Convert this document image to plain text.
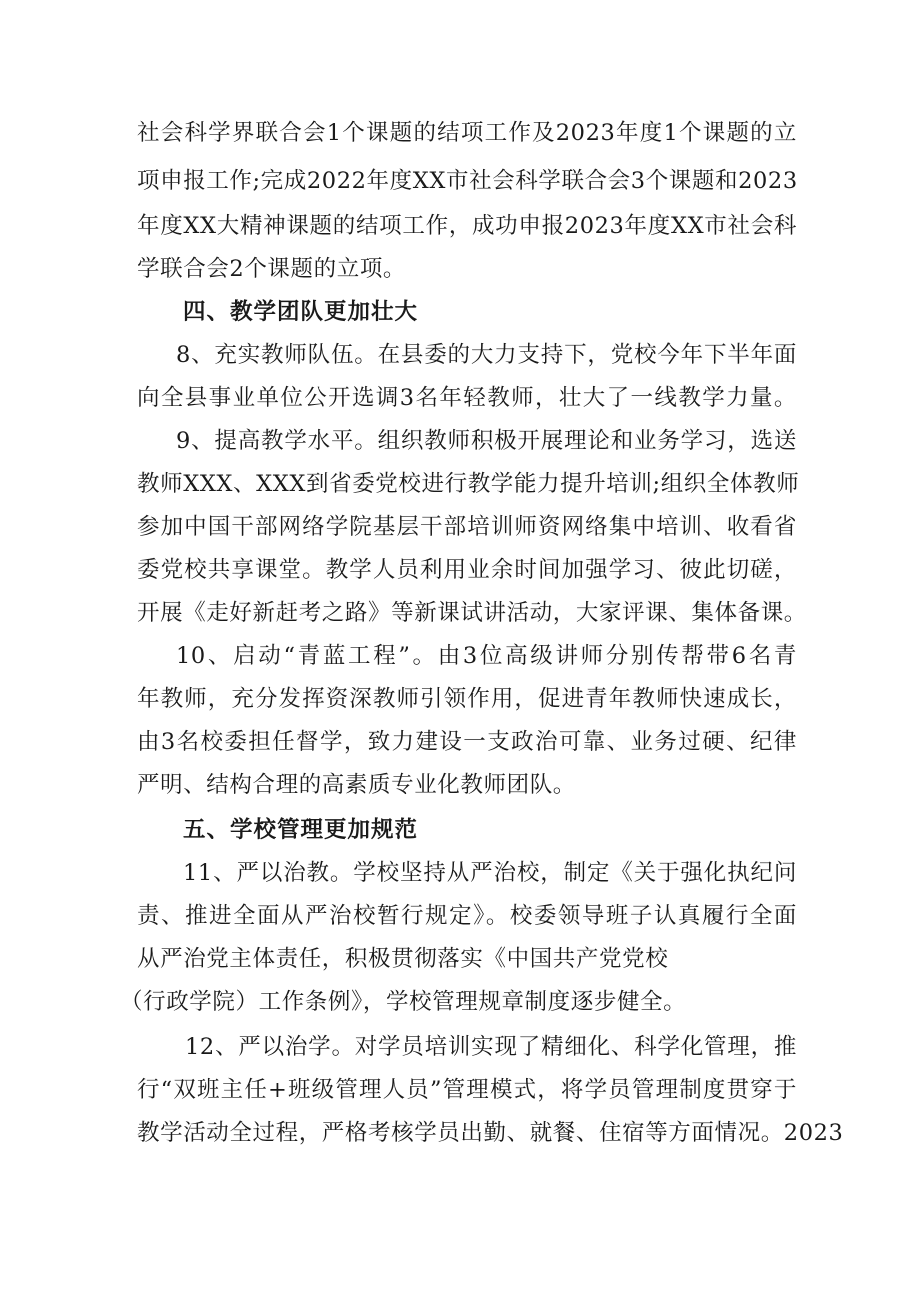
社会科学界联合会1个课题的结项工作及2023年度1个课题的立
项申报工作;完成2022年度XX市社会科学联合会3个课题和2023
年度XX大精神课题的结项工作，成功申报2023年度XX市社会科
学联合会2个课题的立项。
四、教学团队更加壮大
8、充实教师队伍。在县委的大力支持下，党校今年下半年面
向全县事业单位公开选调3名年轻教师，壮大了一线教学力量。
9、提高教学水平。组织教师积极开展理论和业务学习，选送
教师XXX、XXX到省委党校进行教学能力提升培训;组织全体教师
参加中国干部网络学院基层干部培训师资网络集中培训、收看省
委党校共享课堂。教学人员利用业余时间加强学习、彼此切磋，
开展《走好新赶考之路》等新课试讲活动，大家评课、集体备课。
10、启动“青蓝工程”。由3位高级讲师分别传帮带6名青
年教师，充分发挥资深教师引领作用，促进青年教师快速成长，
由3名校委担任督学，致力建设一支政治可靠、业务过硬、纪律
严明、结构合理的高素质专业化教师团队。
五、学校管理更加规范
11、严以治教。学校坚持从严治校，制定《关于强化执纪问
责、推进全面从严治校暂行规定》。校委领导班子认真履行全面
从严治党主体责任，积极贯彻落实《中国共产党党校
（行政学院）工作条例》，学校管理规章制度逐步健全。
12、严以治学。对学员培训实现了精细化、科学化管理，推
行“双班主任+班级管理人员”管理模式，将学员管理制度贯穿于
教学活动全过程，严格考核学员出勤、就餐、住宿等方面情况。2023
